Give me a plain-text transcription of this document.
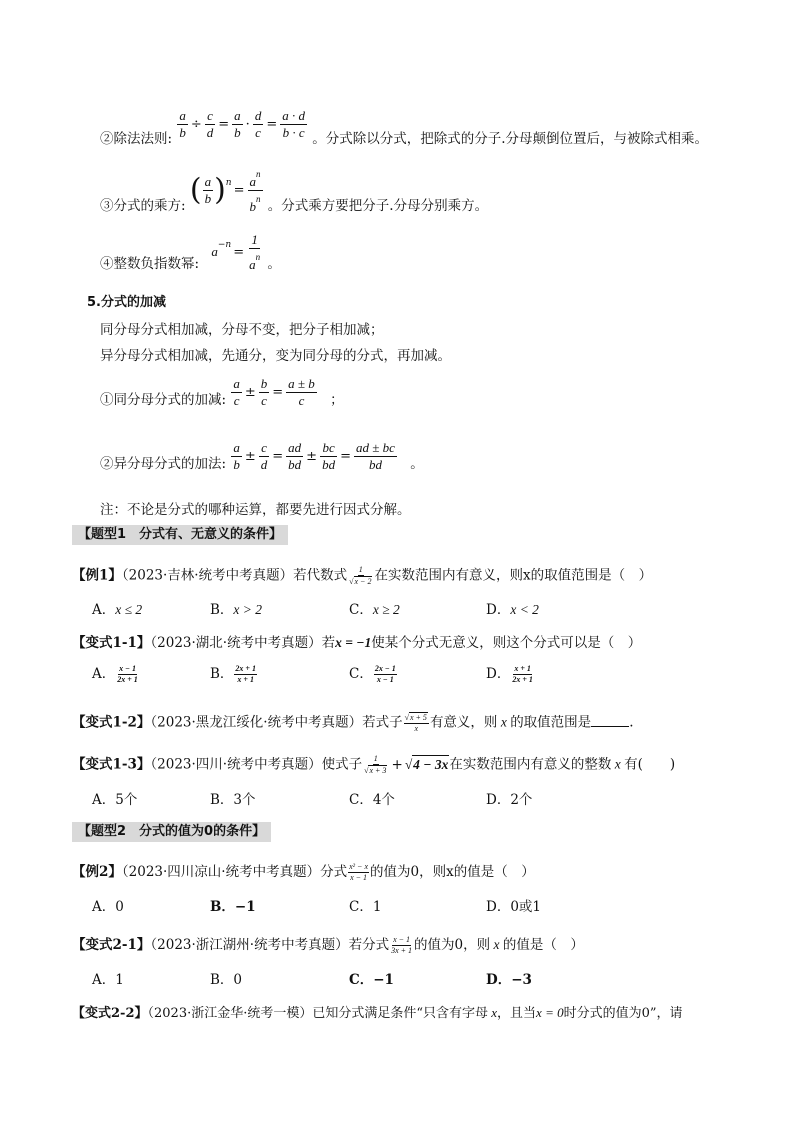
②除法法则: $\frac{a}{b} \div \frac{c}{d} = \frac{a}{b} \cdot \frac{d}{c} = \frac{a \cdot d}{b \cdot c}$ 。分式除以分式，把除式的分子.分母颠倒位置后，与被除式相乘。
③分式的乘方: ( $\frac{a}{b} )^n = \frac{a^n}{b^n}$ 。分式乘方要把分子.分母分别乘方。
④整数负指数幂: $a^{-n} = \frac{1}{a^n}$ 。
5.分式的加减
同分母分式相加减，分母不变，把分子相加减；
异分母分式相加减，先通分，变为同分母的分式，再加减。
①同分母分式的加减: $\frac{a}{c} \pm \frac{b}{c} = \frac{a \pm b}{c}$ ；
②异分母分式的加法: $\frac{a}{b} \pm \frac{c}{d} = \frac{ad}{bd} \pm \frac{bc}{bd} = \frac{ad \pm bc}{bd}$ 。
注：不论是分式的哪种运算，都要先进行因式分解。
【题型1　分式有、无意义的条件】
【例1】（2023·吉林·统考中考真题）若代数式 $\frac{1}{√x - 2}$ 在实数范围内有意义，则x的取值范围是（　）
A．x ≤ 2	B．x > 2	C．x ≥ 2	D．x < 2
【变式1-1】（2023·湖北·统考中考真题）若x = −1使某个分式无意义，则这个分式可以是（　）
A． $\frac{x - 1}{2x + 1}$	B． $\frac{2x + 1}{x + 1}$	C． $\frac{2x - 1}{x - 1}$	D． $\frac{x + 1}{2x + 1}$
【变式1-2】（2023·黑龙江绥化·统考中考真题）若式子 $\frac{√x + 5}{x}$ 有意义，则 x 的取值范围是	.
【变式1-3】（2023·四川·统考中考真题）使式子 $\frac{1}{√x + 3} + √4 - 3x$在实数范围内有意义的整数 x 有(　　)
A．5个	B．3个	C．4个	D．2个
【题型2　分式的值为0的条件】
【例2】（2023·四川凉山·统考中考真题）分式 $\frac{\text{x² − x}}{x - 1}$ 的值为0，则x的值是（　）
A．0	B．−1	C．1	D．0或1
【变式2-1】（2023·浙江湖州·统考中考真题）若分式 $\frac{x - 1}{3x + 1}$ 的值为0，则 x 的值是（　）
A．1	B．0	C．−1	D．−3
【变式2-2】（2023·浙江金华·统考一模）已知分式满足条件“只含有字母 x，且当x = 0时分式的值为0”，请
